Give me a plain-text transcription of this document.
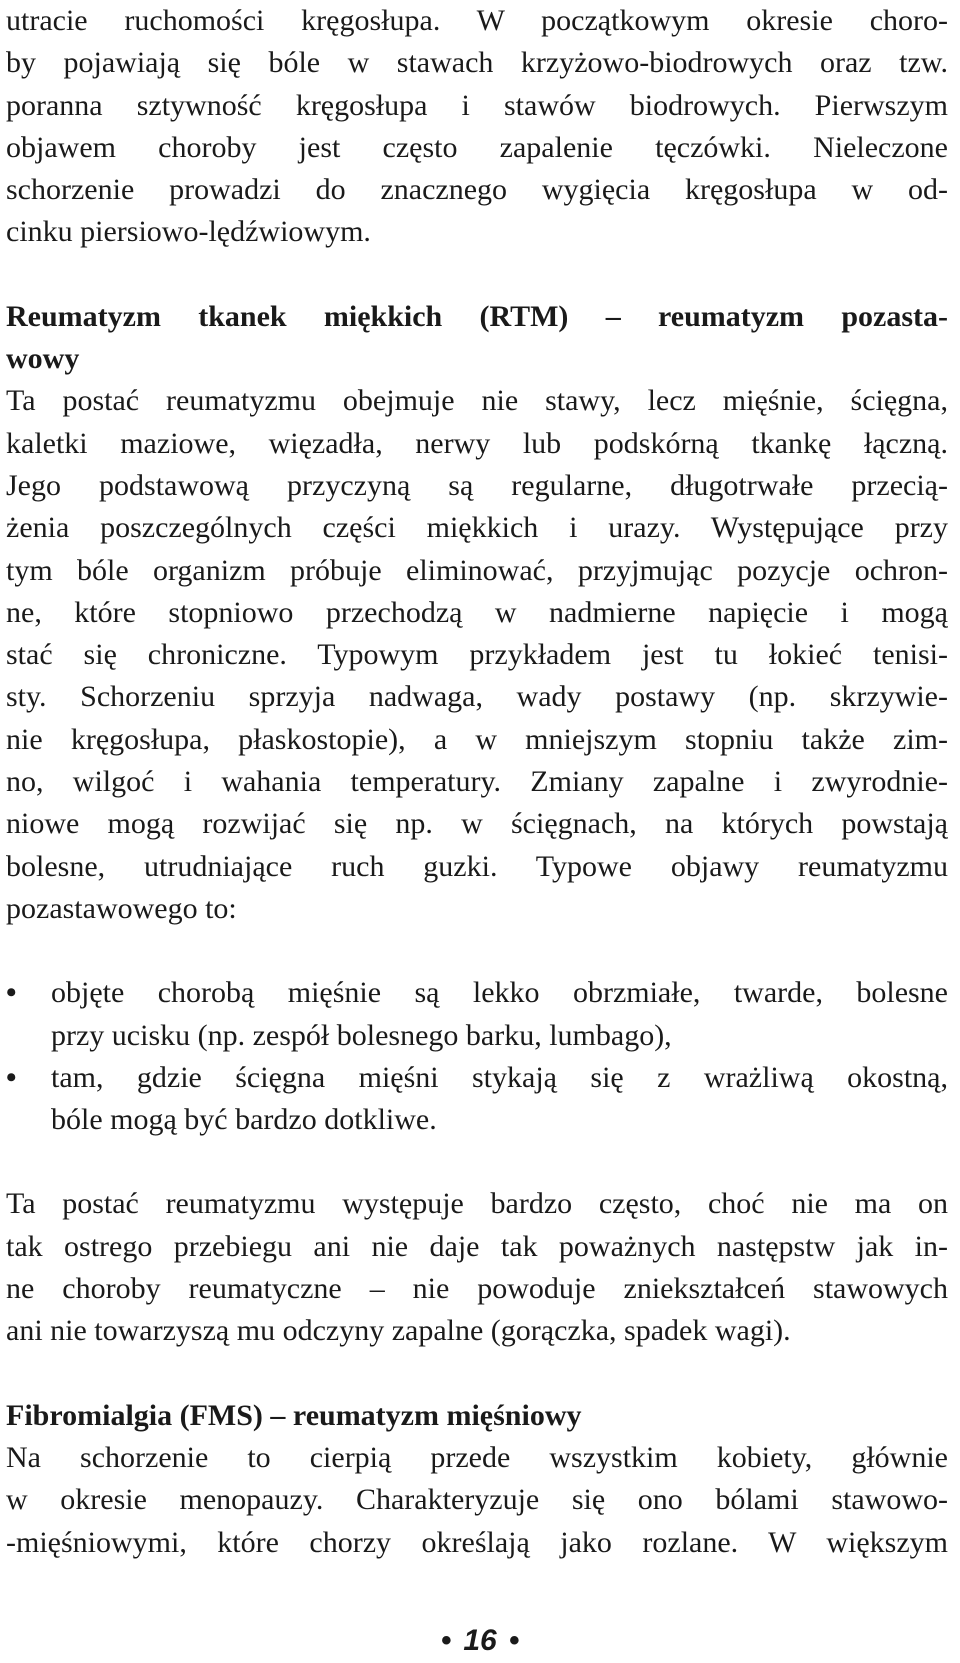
utracie ruchomości kręgosłupa. W początkowym okresie choro-
by pojawiają się bóle w stawach krzyżowo-biodrowych oraz tzw.
poranna sztywność kręgosłupa i stawów biodrowych. Pierwszym
objawem choroby jest często zapalenie tęczówki. Nieleczone
schorzenie prowadzi do znacznego wygięcia kręgosłupa w od-
cinku piersiowo-lędźwiowym.
Reumatyzm tkanek miękkich (RTM) – reumatyzm pozasta-
wowy
Ta postać reumatyzmu obejmuje nie stawy, lecz mięśnie, ścięgna,
kaletki maziowe, więzadła, nerwy lub podskórną tkankę łączną.
Jego podstawową przyczyną są regularne, długotrwałe przecią-
żenia poszczególnych części miękkich i urazy. Występujące przy
tym bóle organizm próbuje eliminować, przyjmując pozycje ochron-
ne, które stopniowo przechodzą w nadmierne napięcie i mogą
stać się chroniczne. Typowym przykładem jest tu łokieć tenisi-
sty. Schorzeniu sprzyja nadwaga, wady postawy (np. skrzywie-
nie kręgosłupa, płaskostopie), a w mniejszym stopniu także zim-
no, wilgoć i wahania temperatury. Zmiany zapalne i zwyrodnie-
niowe mogą rozwijać się np. w ścięgnach, na których powstają
bolesne, utrudniające ruch guzki. Typowe objawy reumatyzmu
pozastawowego to:
•	objęte chorobą mięśnie są lekko obrzmiałe, twarde, bolesne
przy ucisku (np. zespół bolesnego barku, lumbago),
•	tam, gdzie ścięgna mięśni stykają się z wrażliwą okostną,
bóle mogą być bardzo dotkliwe.
Ta postać reumatyzmu występuje bardzo często, choć nie ma on
tak ostrego przebiegu ani nie daje tak poważnych następstw jak in-
ne choroby reumatyczne – nie powoduje zniekształceń stawowych
ani nie towarzyszą mu odczyny zapalne (gorączka, spadek wagi).
Fibromialgia (FMS) – reumatyzm mięśniowy
Na schorzenie to cierpią przede wszystkim kobiety, głównie
w okresie menopauzy. Charakteryzuje się ono bólami stawowo-
-mięśniowymi, które chorzy określają jako rozlane. W większym
• 16 •
